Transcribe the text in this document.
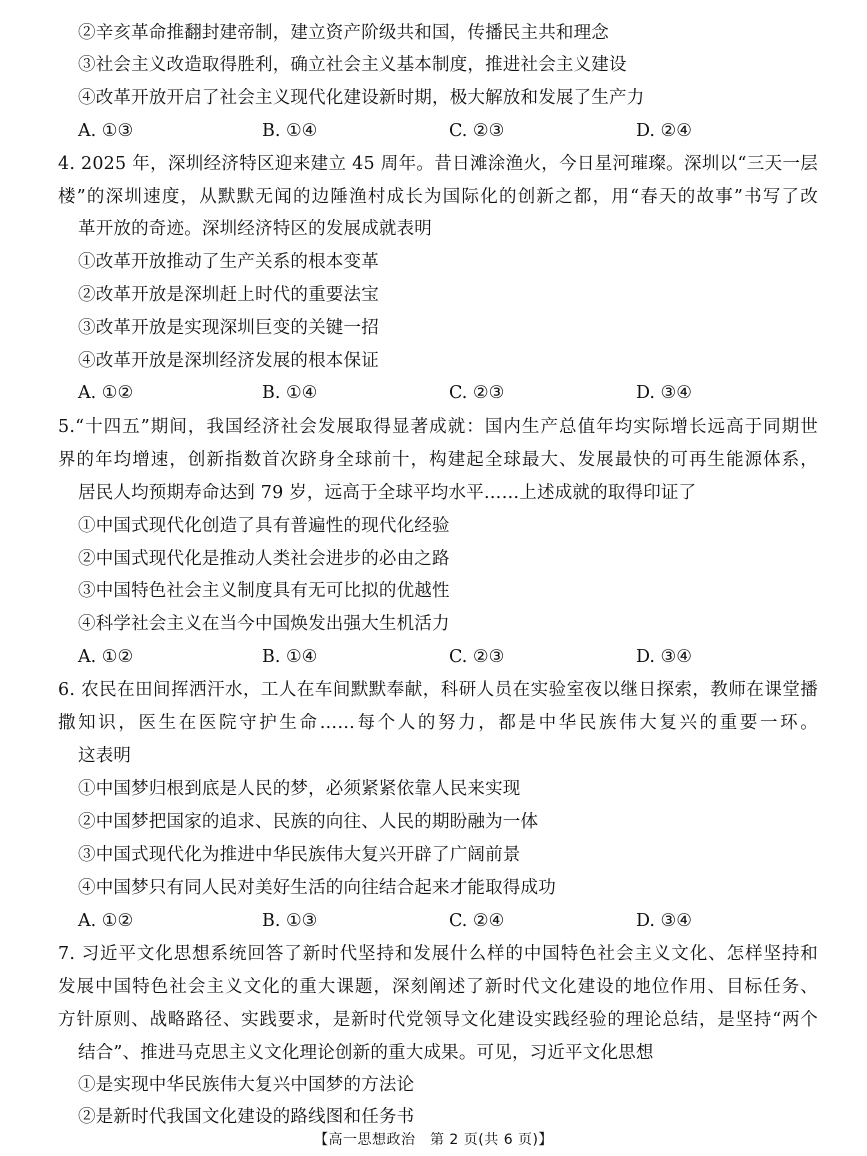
②辛亥革命推翻封建帝制，建立资产阶级共和国，传播民主共和理念
③社会主义改造取得胜利，确立社会主义基本制度，推进社会主义建设
④改革开放开启了社会主义现代化建设新时期，极大解放和发展了生产力
A. ①③	B. ①④	C. ②③	D. ②④
4. 2025 年，深圳经济特区迎来建立 45 周年。昔日滩涂渔火，今日星河璀璨。深圳以“三天一层
楼”的深圳速度，从默默无闻的边陲渔村成长为国际化的创新之都，用“春天的故事”书写了改
革开放的奇迹。深圳经济特区的发展成就表明
①改革开放推动了生产关系的根本变革
②改革开放是深圳赶上时代的重要法宝
③改革开放是实现深圳巨变的关键一招
④改革开放是深圳经济发展的根本保证
A. ①②	B. ①④	C. ②③	D. ③④
5.“十四五”期间，我国经济社会发展取得显著成就：国内生产总值年均实际增长远高于同期世
界的年均增速，创新指数首次跻身全球前十，构建起全球最大、发展最快的可再生能源体系，
居民人均预期寿命达到 79 岁，远高于全球平均水平……上述成就的取得印证了
①中国式现代化创造了具有普遍性的现代化经验
②中国式现代化是推动人类社会进步的必由之路
③中国特色社会主义制度具有无可比拟的优越性
④科学社会主义在当今中国焕发出强大生机活力
A. ①②	B. ①④	C. ②③	D. ③④
6. 农民在田间挥洒汗水，工人在车间默默奉献，科研人员在实验室夜以继日探索，教师在课堂播
撒知识，医生在医院守护生命……每个人的努力，都是中华民族伟大复兴的重要一环。
这表明
①中国梦归根到底是人民的梦，必须紧紧依靠人民来实现
②中国梦把国家的追求、民族的向往、人民的期盼融为一体
③中国式现代化为推进中华民族伟大复兴开辟了广阔前景
④中国梦只有同人民对美好生活的向往结合起来才能取得成功
A. ①②	B. ①③	C. ②④	D. ③④
7. 习近平文化思想系统回答了新时代坚持和发展什么样的中国特色社会主义文化、怎样坚持和
发展中国特色社会主义文化的重大课题，深刻阐述了新时代文化建设的地位作用、目标任务、
方针原则、战略路径、实践要求，是新时代党领导文化建设实践经验的理论总结，是坚持“两个
结合”、推进马克思主义文化理论创新的重大成果。可见，习近平文化思想
①是实现中华民族伟大复兴中国梦的方法论
②是新时代我国文化建设的路线图和任务书
【高一思想政治　第 2 页(共 6 页)】
